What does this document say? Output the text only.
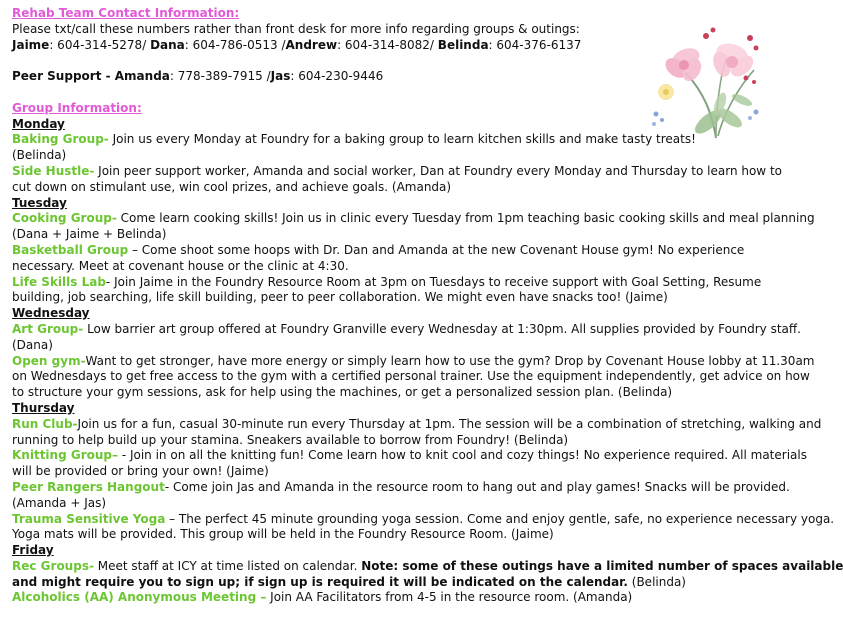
Rehab Team Contact Information:
Please txt/call these numbers rather than front desk for more info regarding groups & outings:
Jaime: 604-314-5278/ Dana: 604-786-0513 /Andrew: 604-314-8082/ Belinda: 604-376-6137
Peer Support - Amanda: 778-389-7915 /Jas: 604-230-9446
Group Information:
Monday
Baking Group- Join us every Monday at Foundry for a baking group to learn kitchen skills and make tasty treats!
(Belinda)
Side Hustle- Join peer support worker, Amanda and social worker, Dan at Foundry every Monday and Thursday to learn how to
cut down on stimulant use, win cool prizes, and achieve goals. (Amanda)
Tuesday
Cooking Group- Come learn cooking skills! Join us in clinic every Tuesday from 1pm teaching basic cooking skills and meal planning
(Dana + Jaime + Belinda)
Basketball Group – Come shoot some hoops with Dr. Dan and Amanda at the new Covenant House gym! No experience
necessary. Meet at covenant house or the clinic at 4:30.
Life Skills Lab- Join Jaime in the Foundry Resource Room at 3pm on Tuesdays to receive support with Goal Setting, Resume
building, job searching, life skill building, peer to peer collaboration. We might even have snacks too! (Jaime)
Wednesday
Art Group- Low barrier art group offered at Foundry Granville every Wednesday at 1:30pm. All supplies provided by Foundry staff.
(Dana)
Open gym-Want to get stronger, have more energy or simply learn how to use the gym? Drop by Covenant House lobby at 11.30am
on Wednesdays to get free access to the gym with a certified personal trainer. Use the equipment independently, get advice on how
to structure your gym sessions, ask for help using the machines, or get a personalized session plan. (Belinda)
Thursday
Run Club-Join us for a fun, casual 30-minute run every Thursday at 1pm. The session will be a combination of stretching, walking and
running to help build up your stamina. Sneakers available to borrow from Foundry! (Belinda)
Knitting Group– - Join in on all the knitting fun! Come learn how to knit cool and cozy things! No experience required. All materials
will be provided or bring your own! (Jaime)
Peer Rangers Hangout- Come join Jas and Amanda in the resource room to hang out and play games! Snacks will be provided.
(Amanda + Jas)
Trauma Sensitive Yoga – The perfect 45 minute grounding yoga session. Come and enjoy gentle, safe, no experience necessary yoga.
Yoga mats will be provided. This group will be held in the Foundry Resource Room. (Jaime)
Friday
Rec Groups- Meet staff at ICY at time listed on calendar. Note: some of these outings have a limited number of spaces available
and might require you to sign up; if sign up is required it will be indicated on the calendar. (Belinda)
Alcoholics (AA) Anonymous Meeting – Join AA Facilitators from 4-5 in the resource room. (Amanda)
